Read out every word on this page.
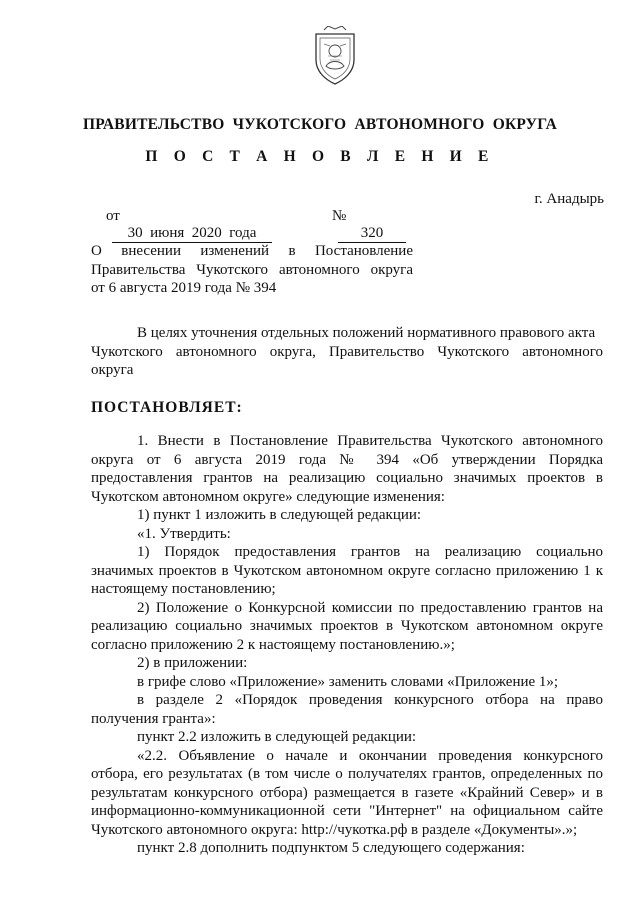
ПРАВИТЕЛЬСТВО  ЧУКОТСКОГО  АВТОНОМНОГО  ОКРУГА
П О С Т А Н О В Л Е Н И Е

от
30  июня  2020  года

№
320

г. Анадырь
О внесении изменений в Постановление
Правительства Чукотского автономного округа
от 6 августа 2019 года № 394
В целях уточнения отдельных положений нормативного правового акта
Чукотского автономного округа, Правительство Чукотского автономного
округа
ПОСТАНОВЛЯЕТ:
1. Внести в Постановление Правительства Чукотского автономного
округа от 6 августа 2019 года № 394 «Об утверждении Порядка
предоставления грантов на реализацию социально значимых проектов в
Чукотском автономном округе» следующие изменения:
1) пункт 1 изложить в следующей редакции:
«1. Утвердить:
1) Порядок предоставления грантов на реализацию социально
значимых проектов в Чукотском автономном округе согласно приложению 1 к
настоящему постановлению;
2) Положение о Конкурсной комиссии по предоставлению грантов на
реализацию социально значимых проектов в Чукотском автономном округе
согласно приложению 2 к настоящему постановлению.»;
2) в приложении:
в грифе слово «Приложение» заменить словами «Приложение 1»;
в разделе 2 «Порядок проведения конкурсного отбора на право
получения гранта»:
пункт 2.2 изложить в следующей редакции:
«2.2. Объявление о начале и окончании проведения конкурсного
отбора, его результатах (в том числе о получателях грантов, определенных по
результатам конкурсного отбора) размещается в газете «Крайний Север» и в
информационно-коммуникационной сети "Интернет" на официальном сайте
Чукотского автономного округа: http://чукотка.рф в разделе «Документы».»;
пункт 2.8 дополнить подпунктом 5 следующего содержания:
